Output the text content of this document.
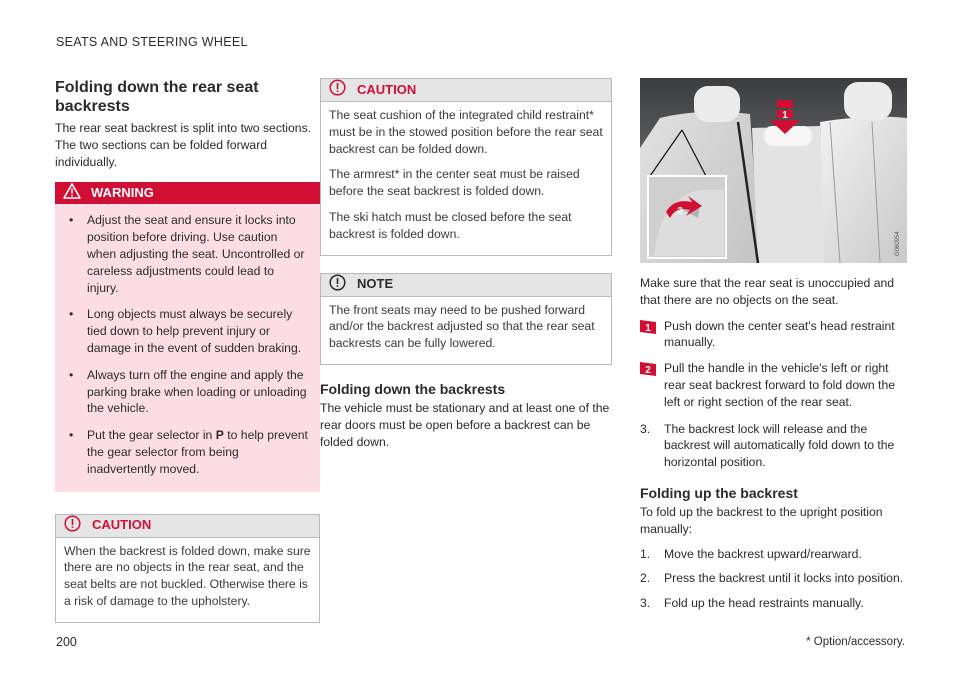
SEATS AND STEERING WHEEL
Folding down the rear seat backrests

The rear seat backrest is split into two sections. The two sections can be folded forward individually.

WARNING
• Adjust the seat and ensure it locks into position before driving. Use caution when adjusting the seat. Uncontrolled or careless adjustments could lead to injury.
• Long objects must always be securely tied down to help prevent injury or damage in the event of sudden braking.
• Always turn off the engine and apply the parking brake when loading or unloading the vehicle.
• Put the gear selector in P to help prevent the gear selector from being inadvertently moved.
CAUTION

When the backrest is folded down, make sure there are no objects in the rear seat, and the seat belts are not buckled. Otherwise there is a risk of damage to the upholstery.

CAUTION

The seat cushion of the integrated child restraint* must be in the stowed position before the rear seat backrest can be folded down.

The armrest* in the center seat must be raised before the seat backrest is folded down.

The ski hatch must be closed before the seat backrest is folded down.

NOTE

The front seats may need to be pushed forward and/or the backrest adjusted so that the rear seat backrests can be fully lowered.

Folding down the backrests

The vehicle must be stationary and at least one of the rear doors must be open before a backrest can be folded down.

1
2
G060954

Make sure that the rear seat is unoccupied and that there are no objects on the seat.

1 Push down the center seat's head restraint manually.
2 Pull the handle in the vehicle's left or right rear seat backrest forward to fold down the left or right section of the rear seat.
3. The backrest lock will release and the backrest will automatically fold down to the horizontal position.
Folding up the backrest

To fold up the backrest to the upright position manually:

1. Move the backrest upward/rearward.
2. Press the backrest until it locks into position.
3. Fold up the head restraints manually.
200	* Option/accessory.
